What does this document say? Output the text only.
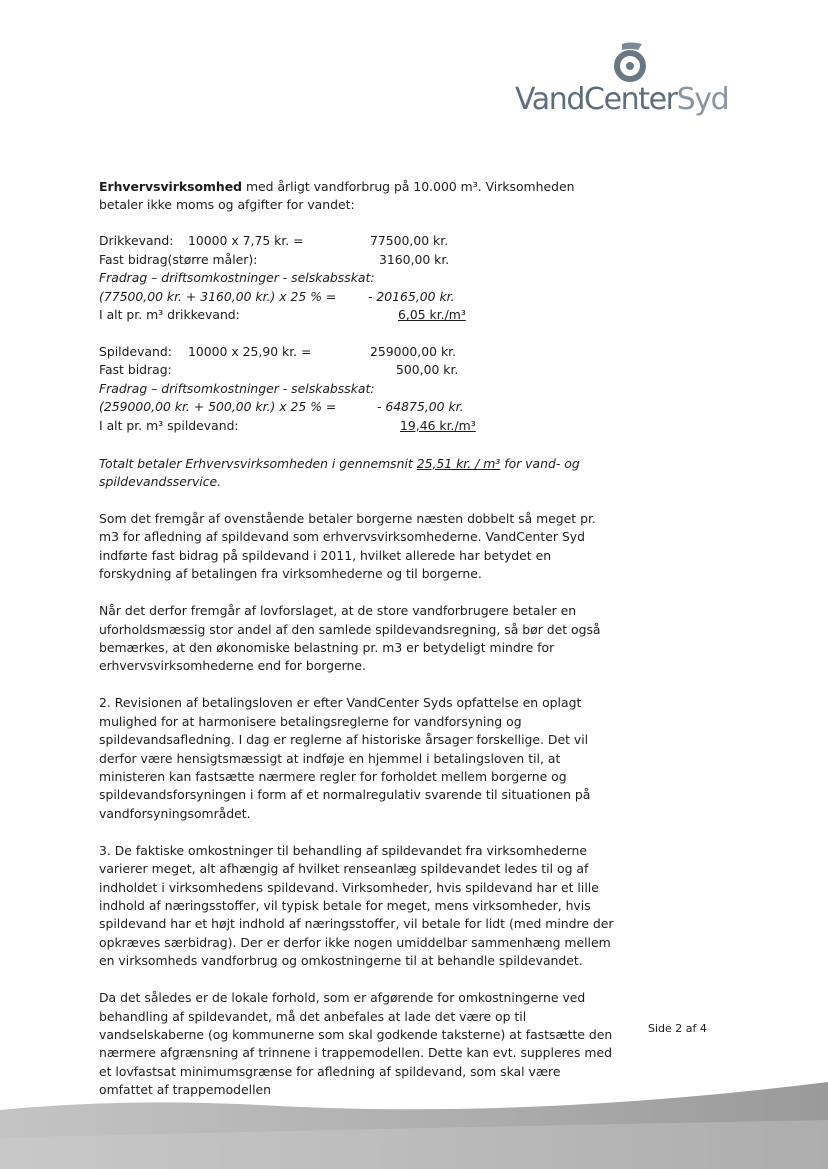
VandCenterSyd

Erhvervsvirksomhed med årligt vandforbrug på 10.000 m³. Virksomheden betaler ikke moms og afgifter for vandet:

Drikkevand: 10000 x 7,75 kr. =	77500,00 kr.
Fast bidrag(større måler):	3160,00 kr.
Fradrag – driftsomkostninger - selskabsskat:
(77500,00 kr. + 3160,00 kr.) x 25 % =	- 20165,00 kr.
I alt pr. m³ drikkevand:	6,05 kr./m³
Spildevand: 10000 x 25,90 kr. =	259000,00 kr.
Fast bidrag:	500,00 kr.
Fradrag – driftsomkostninger - selskabsskat:
(259000,00 kr. + 500,00 kr.) x 25 % =	- 64875,00 kr.
I alt pr. m³ spildevand:	19,46 kr./m³

Totalt betaler Erhvervsvirksomheden i gennemsnit 25,51 kr. / m³ for vand- og spildevandsservice.

Som det fremgår af ovenstående betaler borgerne næsten dobbelt så meget pr. m3 for afledning af spildevand som erhvervsvirksomhederne. VandCenter Syd indførte fast bidrag på spildevand i 2011, hvilket allerede har betydet en forskydning af betalingen fra virksomhederne og til borgerne.

Når det derfor fremgår af lovforslaget, at de store vandforbrugere betaler en uforholdsmæssig stor andel af den samlede spildevandsregning, så bør det også bemærkes, at den økonomiske belastning pr. m3 er betydeligt mindre for erhvervsvirksomhederne end for borgerne.

2. Revisionen af betalingsloven er efter VandCenter Syds opfattelse en oplagt mulighed for at harmonisere betalingsreglerne for vandforsyning og spildevandsafledning. I dag er reglerne af historiske årsager forskellige. Det vil derfor være hensigtsmæssigt at indføje en hjemmel i betalingsloven til, at ministeren kan fastsætte nærmere regler for forholdet mellem borgerne og spildevandsforsyningen i form af et normalregulativ svarende til situationen på vandforsyningsområdet.

3. De faktiske omkostninger til behandling af spildevandet fra virksomhederne varierer meget, alt afhængig af hvilket renseanlæg spildevandet ledes til og af indholdet i virksomhedens spildevand. Virksomheder, hvis spildevand har et lille indhold af næringsstoffer, vil typisk betale for meget, mens virksomheder, hvis spildevand har et højt indhold af næringsstoffer, vil betale for lidt (med mindre der opkræves særbidrag). Der er derfor ikke nogen umiddelbar sammenhæng mellem en virksomheds vandforbrug og omkostningerne til at behandle spildevandet.

Da det således er de lokale forhold, som er afgørende for omkostningerne ved behandling af spildevandet, må det anbefales at lade det være op til vandselskaberne (og kommunerne som skal godkende taksterne) at fastsætte den nærmere afgrænsning af trinnene i trappemodellen. Dette kan evt. suppleres med et lovfastsat minimumsgrænse for afledning af spildevand, som skal være omfattet af trappemodellen

Side 2 af 4
